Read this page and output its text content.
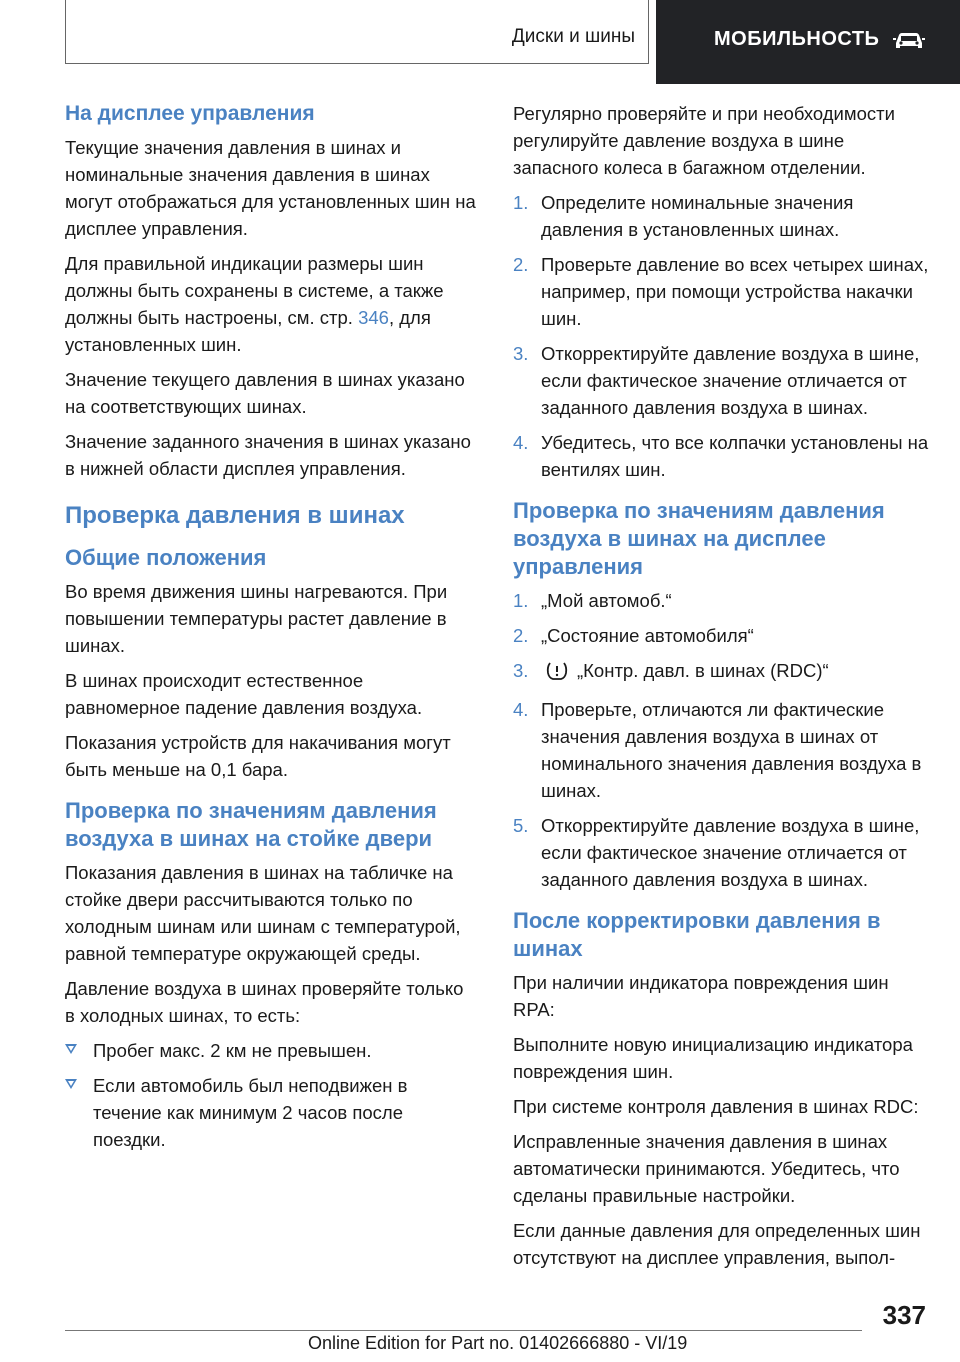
Диски и шины	МОБИЛЬНОСТЬ
На дисплее управления

Текущие значения давления в шинах и номинальные значения давления в шинах могут отображаться для установленных шин на дисплее управления.

Для правильной индикации размеры шин должны быть сохранены в системе, а также должны быть настроены, см. стр. 346, для установленных шин.

Значение текущего давления в шинах указано на соответствующих шинах.

Значение заданного значения в шинах указано в нижней области дисплея управления.

Проверка давления в шинах
Общие положения

Во время движения шины нагреваются. При повышении температуры растет давление в шинах.

В шинах происходит естественное равномерное падение давления воздуха.

Показания устройств для накачивания могут быть меньше на 0,1 бара.

Проверка по значениям давления воздуха в шинах на стойке двери

Показания давления в шинах на табличке на стойке двери рассчитываются только по холодным шинам или шинам с температурой, равной температуре окружающей среды.

Давление воздуха в шинах проверяйте только в холодных шинах, то есть:

Пробег макс. 2 км не превышен.
Если автомобиль был неподвижен в течение как минимум 2 часов после поездки.

Регулярно проверяйте и при необходимости регулируйте давление воздуха в шине запасного колеса в багажном отделении.

1. Определите номинальные значения давления в установленных шинах.
2. Проверьте давление во всех четырех шинах, например, при помощи устройства накачки шин.
3. Откорректируйте давление воздуха в шине, если фактическое значение отличается от заданного давления воздуха в шинах.
4. Убедитесь, что все колпачки установлены на вентилях шин.
Проверка по значениям давления воздуха в шинах на дисплее управления
1. „Мой автомоб.“
2. „Состояние автомобиля“
3.	„Контр. давл. в шинах (RDC)“
4. Проверьте, отличаются ли фактические значения давления воздуха в шинах от номинального значения давления воздуха в шинах.
5. Откорректируйте давление воздуха в шине, если фактическое значение отличается от заданного давления воздуха в шинах.
После корректировки давления в шинах

При наличии индикатора повреждения шин RPA:

Выполните новую инициализацию индикатора повреждения шин.

При системе контроля давления в шинах RDC:

Исправленные значения давления в шинах автоматически принимаются. Убедитесь, что сделаны правильные настройки.

Если данные давления для определенных шин отсутствуют на дисплее управления, выпол-

337
Online Edition for Part no. 01402666880 - VI/19
